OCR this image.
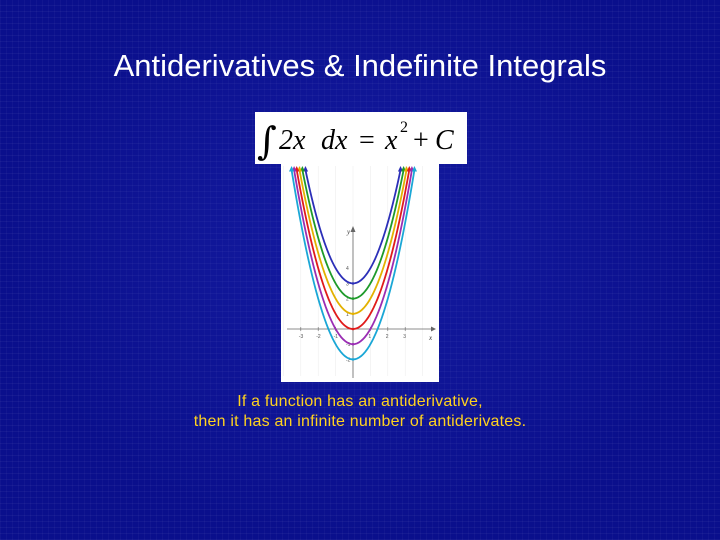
Antiderivatives & Indefinite Integrals
∫ 2x dx = x 2 + C
x
y
-3	-2	-1	1	2	3
4
3
2
1
-1
-2
If a function has an antiderivative,
then it has an infinite number of antiderivates.
